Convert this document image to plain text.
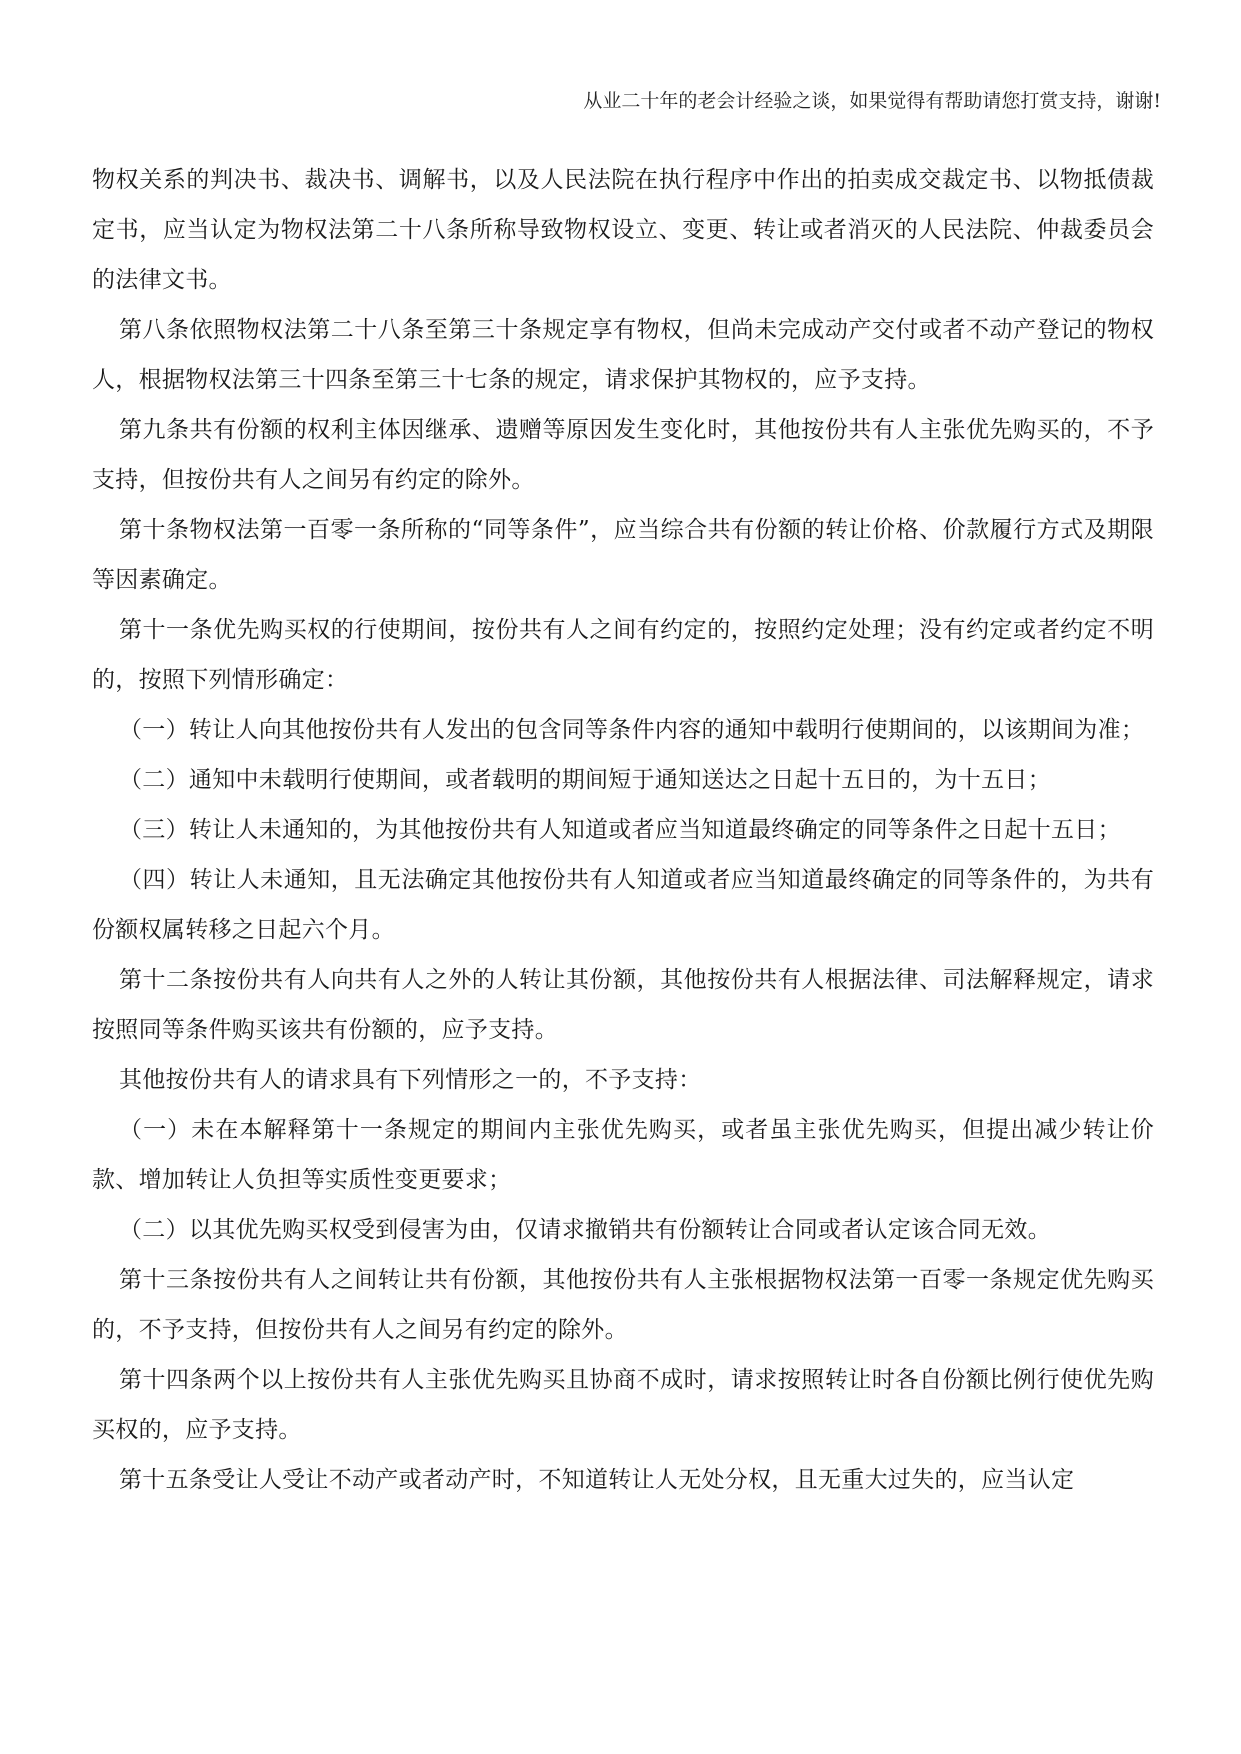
从业二十年的老会计经验之谈，如果觉得有帮助请您打赏支持，谢谢!

物权关系的判决书、裁决书、调解书，以及人民法院在执行程序中作出的拍卖成交裁定书、以物抵债裁定书，应当认定为物权法第二十八条所称导致物权设立、变更、转让或者消灭的人民法院、仲裁委员会的法律文书。

第八条依照物权法第二十八条至第三十条规定享有物权，但尚未完成动产交付或者不动产登记的物权人，根据物权法第三十四条至第三十七条的规定，请求保护其物权的，应予支持。

第九条共有份额的权利主体因继承、遗赠等原因发生变化时，其他按份共有人主张优先购买的，不予支持，但按份共有人之间另有约定的除外。

第十条物权法第一百零一条所称的“同等条件”，应当综合共有份额的转让价格、价款履行方式及期限等因素确定。

第十一条优先购买权的行使期间，按份共有人之间有约定的，按照约定处理；没有约定或者约定不明的，按照下列情形确定：

（一）转让人向其他按份共有人发出的包含同等条件内容的通知中载明行使期间的，以该期间为准；

（二）通知中未载明行使期间，或者载明的期间短于通知送达之日起十五日的，为十五日；

（三）转让人未通知的，为其他按份共有人知道或者应当知道最终确定的同等条件之日起十五日；

（四）转让人未通知，且无法确定其他按份共有人知道或者应当知道最终确定的同等条件的，为共有份额权属转移之日起六个月。

第十二条按份共有人向共有人之外的人转让其份额，其他按份共有人根据法律、司法解释规定，请求按照同等条件购买该共有份额的，应予支持。

其他按份共有人的请求具有下列情形之一的，不予支持：

（一）未在本解释第十一条规定的期间内主张优先购买，或者虽主张优先购买，但提出减少转让价款、增加转让人负担等实质性变更要求；

（二）以其优先购买权受到侵害为由，仅请求撤销共有份额转让合同或者认定该合同无效。

第十三条按份共有人之间转让共有份额，其他按份共有人主张根据物权法第一百零一条规定优先购买的，不予支持，但按份共有人之间另有约定的除外。

第十四条两个以上按份共有人主张优先购买且协商不成时，请求按照转让时各自份额比例行使优先购买权的，应予支持。

第十五条受让人受让不动产或者动产时，不知道转让人无处分权，且无重大过失的，应当认定
